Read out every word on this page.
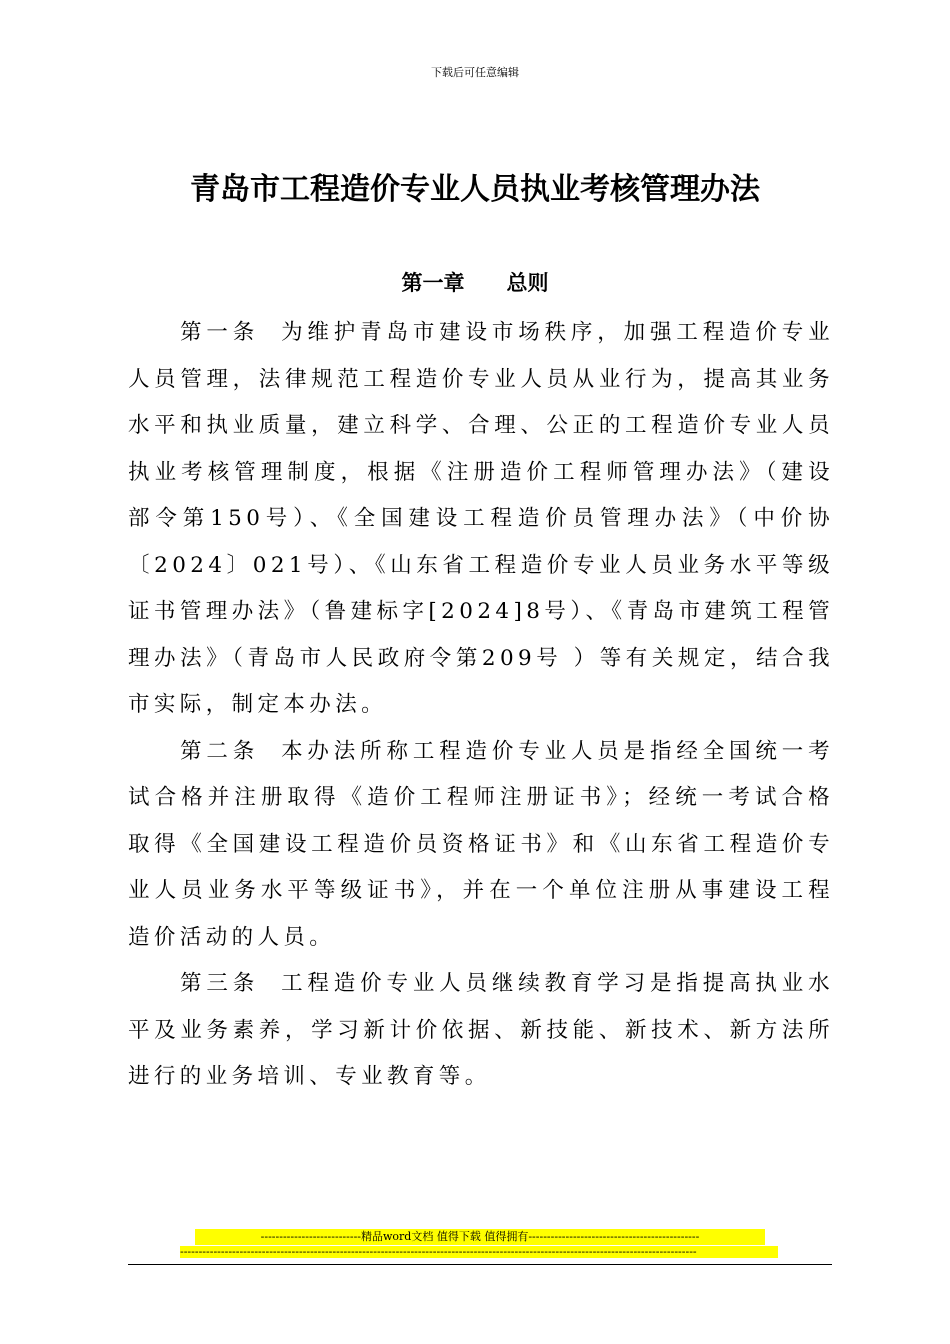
下载后可任意编辑
青岛市工程造价专业人员执业考核管理办法
第一章 总则

第一条 为维护青岛市建设市场秩序，加强工程造价专业人员管理，法律规范工程造价专业人员从业行为，提高其业务水平和执业质量，建立科学、合理、公正的工程造价专业人员执业考核管理制度，根据《注册造价工程师管理办法》（建设部令第150号）、《全国建设工程造价员管理办法》（中价协〔2024〕021号）、《山东省工程造价专业人员业务水平等级证书管理办法》（鲁建标字[2024]8号）、《青岛市建筑工程管理办法》（青岛市人民政府令第209号 ）等有关规定，结合我市实际，制定本办法。

第二条 本办法所称工程造价专业人员是指经全国统一考试合格并注册取得《造价工程师注册证书》；经统一考试合格取得《全国建设工程造价员资格证书》和《山东省工程造价专业人员业务水平等级证书》，并在一个单位注册从事建设工程造价活动的人员。

第三条 工程造价专业人员继续教育学习是指提高执业水平及业务素养，学习新计价依据、新技能、新技术、新方法所进行的业务培训、专业教育等。

---------------------------精品word文档 值得下载 值得拥有----------------------------------------------
-------------------------------------------------------------------------------------------------------------------------------------------
